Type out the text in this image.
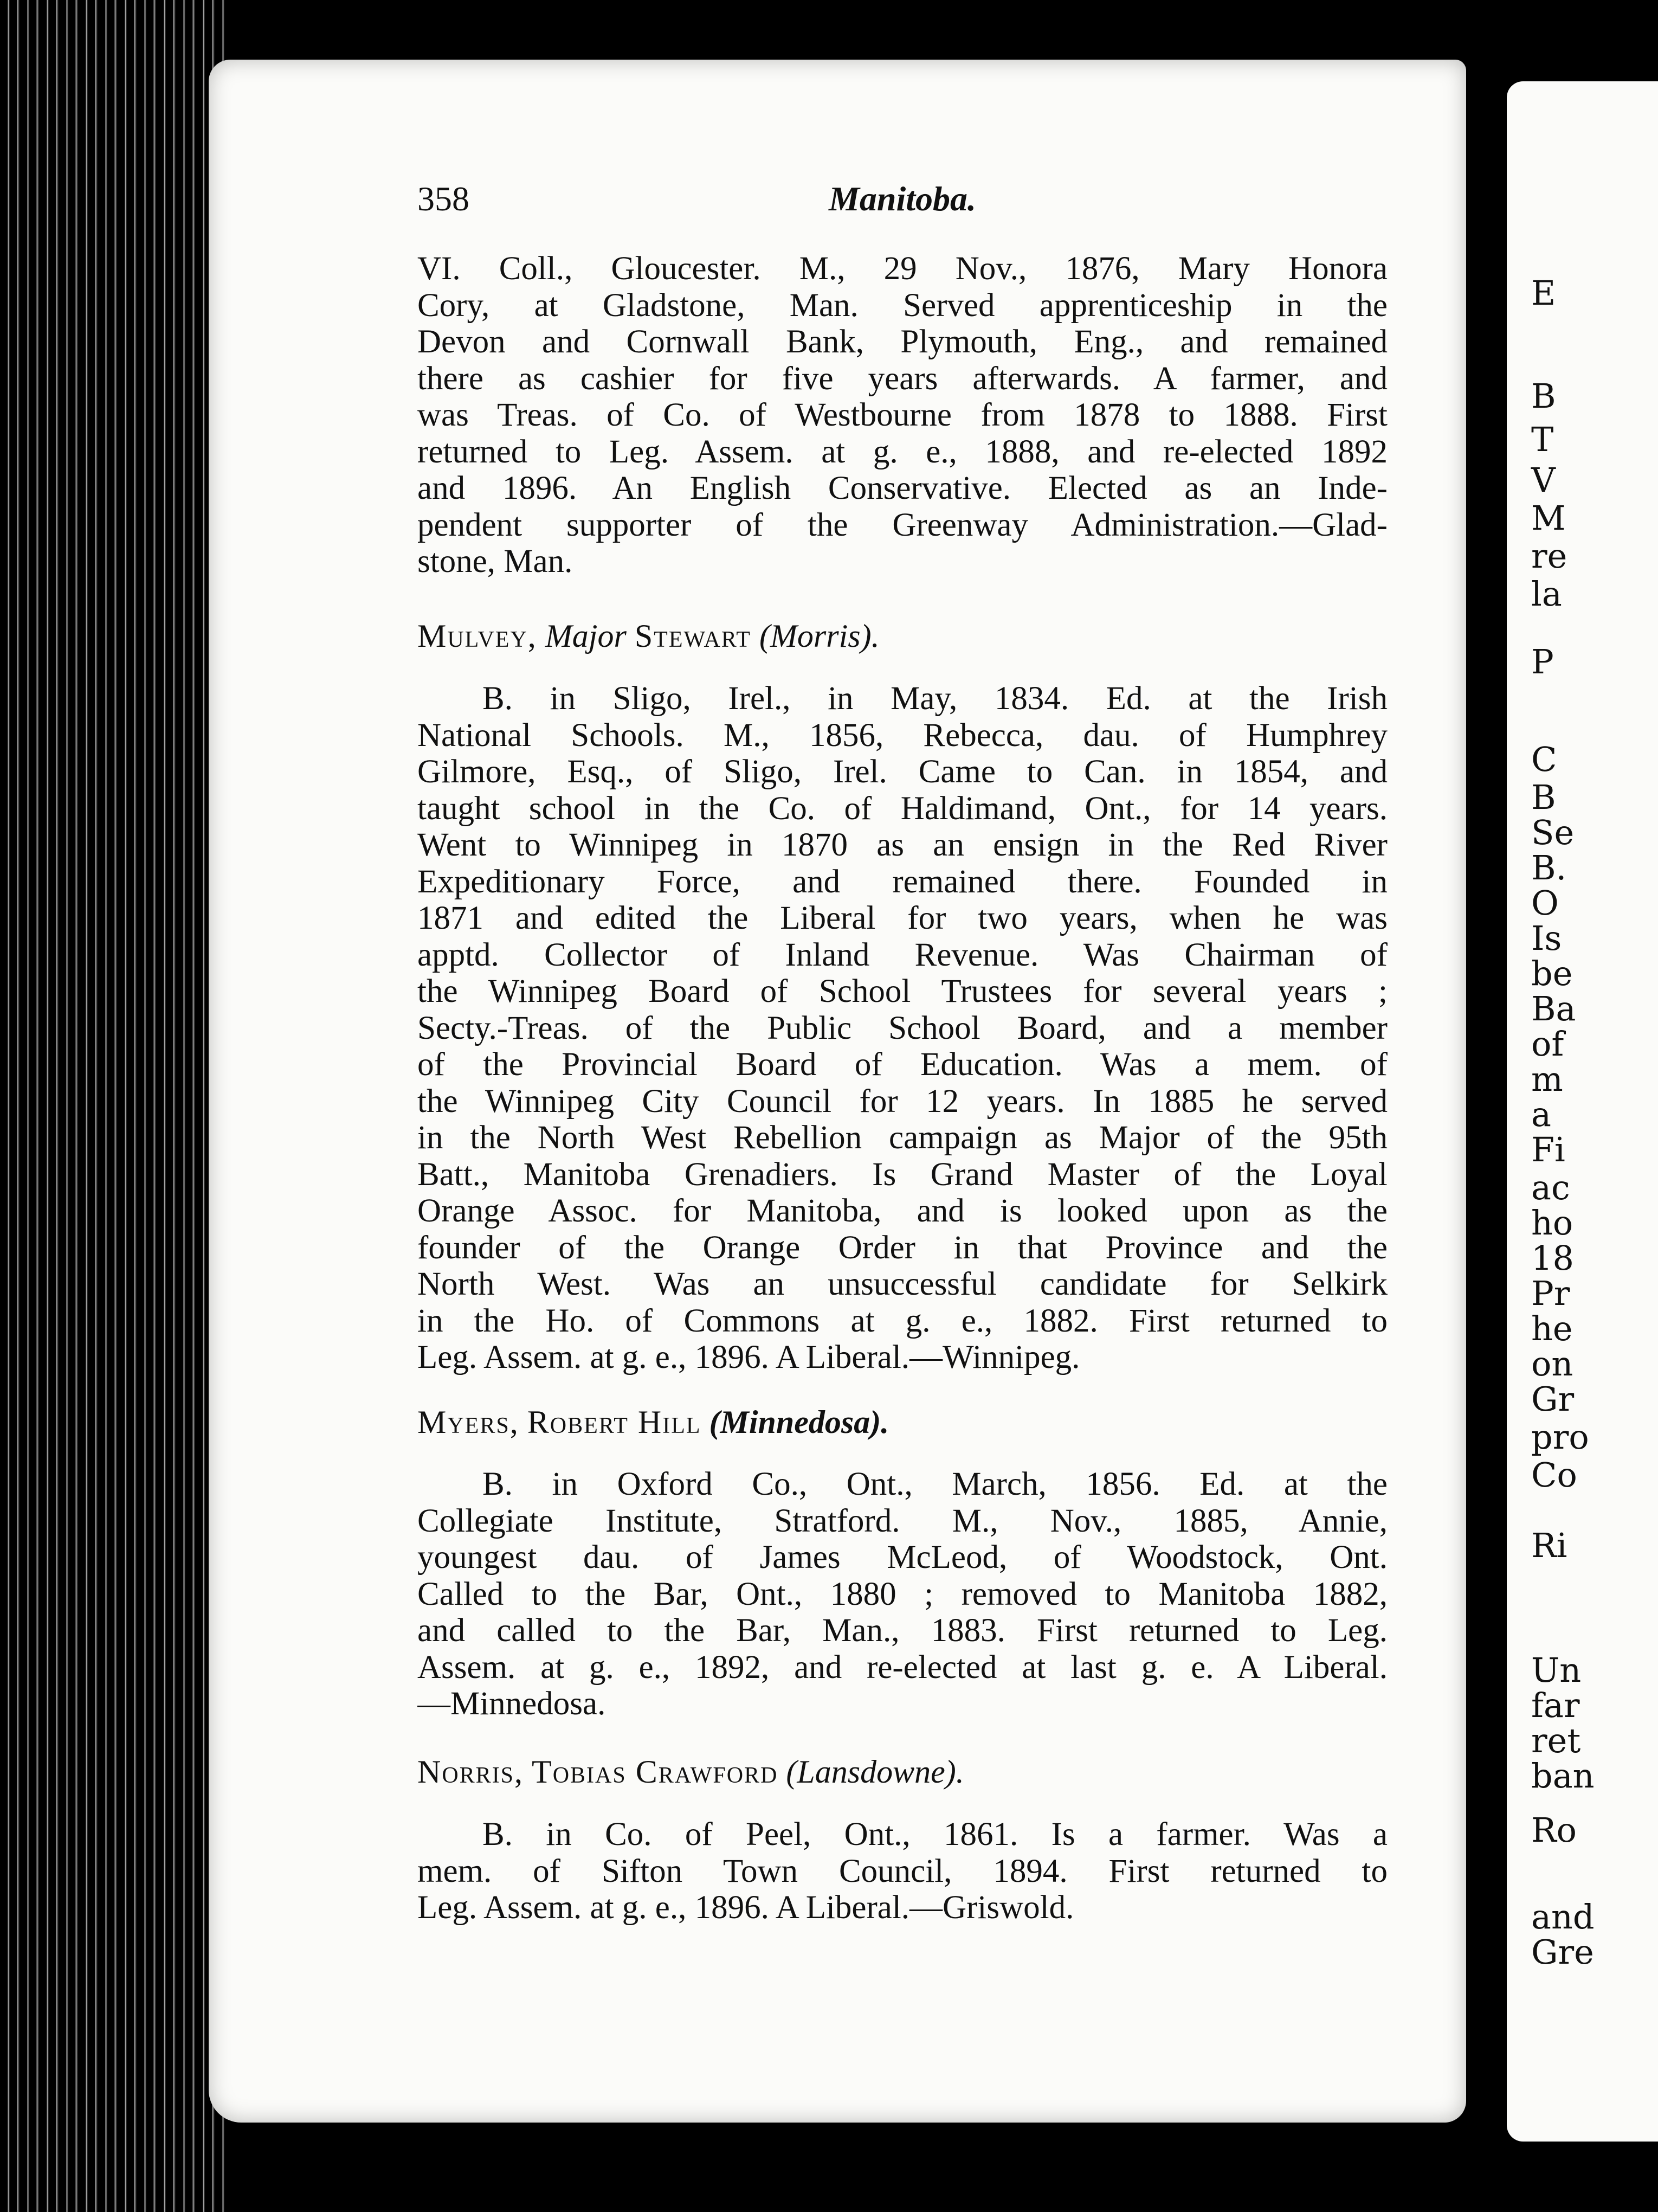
E
B
T
V
M
re
la
P
C
B
Se
B.
O
Is
be
Ba
of
m
a
Fi
ac
ho
18
Pr
he
on
Gr
pro
Co
Ri
Un
far
ret
ban
Ro
and
Gre
358	Manitoba.
VI. Coll., Gloucester. M., 29 Nov., 1876, Mary Honora
Cory, at Gladstone, Man. Served apprenticeship in the
Devon and Cornwall Bank, Plymouth, Eng., and remained
there as cashier for five years afterwards. A farmer, and
was Treas. of Co. of Westbourne from 1878 to 1888. First
returned to Leg. Assem. at g. e., 1888, and re-elected 1892
and 1896. An English Conservative. Elected as an Inde-
pendent supporter of the Greenway Administration.—Glad-
stone, Man.
Mulvey, Major Stewart (Morris).
B. in Sligo, Irel., in May, 1834. Ed. at the Irish
National Schools. M., 1856, Rebecca, dau. of Humphrey
Gilmore, Esq., of Sligo, Irel. Came to Can. in 1854, and
taught school in the Co. of Haldimand, Ont., for 14 years.
Went to Winnipeg in 1870 as an ensign in the Red River
Expeditionary Force, and remained there. Founded in
1871 and edited the Liberal for two years, when he was
apptd. Collector of Inland Revenue. Was Chairman of
the Winnipeg Board of School Trustees for several years ;
Secty.-Treas. of the Public School Board, and a member
of the Provincial Board of Education. Was a mem. of
the Winnipeg City Council for 12 years. In 1885 he served
in the North West Rebellion campaign as Major of the 95th
Batt., Manitoba Grenadiers. Is Grand Master of the Loyal
Orange Assoc. for Manitoba, and is looked upon as the
founder of the Orange Order in that Province and the
North West. Was an unsuccessful candidate for Selkirk
in the Ho. of Commons at g. e., 1882. First returned to
Leg. Assem. at g. e., 1896. A Liberal.—Winnipeg.
Myers, Robert Hill (Minnedosa).
B. in Oxford Co., Ont., March, 1856. Ed. at the
Collegiate Institute, Stratford. M., Nov., 1885, Annie,
youngest dau. of James McLeod, of Woodstock, Ont.
Called to the Bar, Ont., 1880 ; removed to Manitoba 1882,
and called to the Bar, Man., 1883. First returned to Leg.
Assem. at g. e., 1892, and re-elected at last g. e. A Liberal.
—Minnedosa.
Norris, Tobias Crawford (Lansdowne).
B. in Co. of Peel, Ont., 1861. Is a farmer. Was a
mem. of Sifton Town Council, 1894. First returned to
Leg. Assem. at g. e., 1896. A Liberal.—Griswold.
